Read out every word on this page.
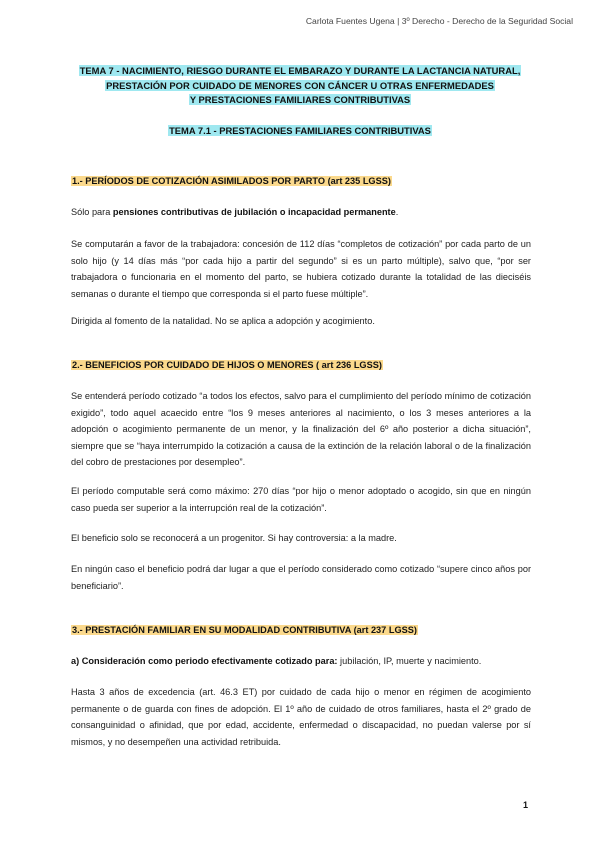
Carlota Fuentes Ugena | 3º Derecho - Derecho de la Seguridad Social
TEMA 7 - NACIMIENTO, RIESGO DURANTE EL EMBARAZO Y DURANTE LA LACTANCIA NATURAL,
PRESTACIÓN POR CUIDADO DE MENORES CON CÁNCER U OTRAS ENFERMEDADES
Y PRESTACIONES FAMILIARES CONTRIBUTIVAS
TEMA 7.1 - PRESTACIONES FAMILIARES CONTRIBUTIVAS
1.- PERÍODOS DE COTIZACIÓN ASIMILADOS POR PARTO (art 235 LGSS)
Sólo para pensiones contributivas de jubilación o incapacidad permanente.
Se computarán a favor de la trabajadora: concesión de 112 días “completos de cotización” por cada parto de un solo hijo (y 14 días más “por cada hijo a partir del segundo” si es un parto múltiple), salvo que, “por ser trabajadora o funcionaria en el momento del parto, se hubiera cotizado durante la totalidad de las dieciséis semanas o durante el tiempo que corresponda si el parto fuese múltiple”.
Dirigida al fomento de la natalidad. No se aplica a adopción y acogimiento.
2.- BENEFICIOS POR CUIDADO DE HIJOS O MENORES ( art 236 LGSS)
Se entenderá período cotizado “a todos los efectos, salvo para el cumplimiento del período mínimo de cotización exigido”, todo aquel acaecido entre “los 9 meses anteriores al nacimiento, o los 3 meses anteriores a la adopción o acogimiento permanente de un menor, y la finalización del 6º año posterior a dicha situación”, siempre que se “haya interrumpido la cotización a causa de la extinción de la relación laboral o de la finalización del cobro de prestaciones por desempleo”.
El período computable será como máximo: 270 días “por hijo o menor adoptado o acogido, sin que en ningún caso pueda ser superior a la interrupción real de la cotización”.
El beneficio solo se reconocerá a un progenitor. Si hay controversia: a la madre.
En ningún caso el beneficio podrá dar lugar a que el período considerado como cotizado “supere cinco años por beneficiario”.
3.- PRESTACIÓN FAMILIAR EN SU MODALIDAD CONTRIBUTIVA (art 237 LGSS)
a) Consideración como periodo efectivamente cotizado para: jubilación, IP, muerte y nacimiento.
Hasta 3 años de excedencia (art. 46.3 ET) por cuidado de cada hijo o menor en régimen de acogimiento permanente o de guarda con fines de adopción. El 1º año de cuidado de otros familiares, hasta el 2º grado de consanguinidad o afinidad, que por edad, accidente, enfermedad o discapacidad, no puedan valerse por sí mismos, y no desempeñen una actividad retribuida.
1
